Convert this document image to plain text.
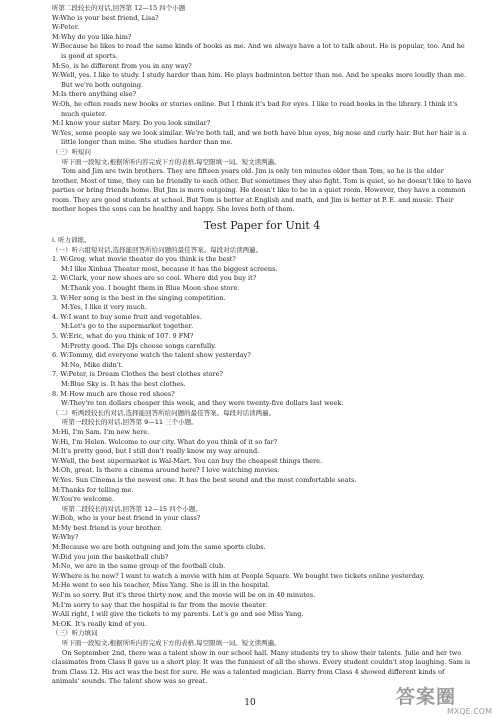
听第二段较长的对话,回答第 12—15 四个小题

W:Who is your best friend, Lisa?

W:Peter.

M:Why do you like him?

W:Because he likes to read the same kinds of books as me. And we always have a lot to talk about. He is popular, too. And he is good at sports.

M:So, is he different from you in any way?

W:Well, yes. I like to study. I study harder than him. He plays badminton better than me. And he speaks more loudly than me. But we're both outgoing.

M:Is there anything else?

W:Oh, he often reads new books or stories online. But I think it's bad for eyes. I like to read books in the library. I think it's much quieter.

M:I know your sister Mary. Do you look similar?

W:Yes, some people say we look similar. We're both tall, and we both have blue eyes, big nose and curly hair. But her hair is a little longer than mine. She studies harder than me.

（三）听短问

听下面一段短文,根据所听内容完成下方的表格,每空限填一词。短文读两遍。

Tom and Jim are twin brothers. They are fifteen years old. Jim is only ten minutes older than Tom, so he is the elder brother. Most of time, they can be friendly to each other. But sometimes they also fight. Tom is quiet, so he doesn't like to have parties or bring friends home. But Jim is more outgoing. He doesn't like to be in a quiet room. However, they have a common room. They are good students at school. But Tom is better at English and math, and Jim is better at P. E. and music. Their mother hopes the sons can be healthy and happy. She loves both of them.

Test Paper for Unit 4

Ⅰ. 听力训练。

（一）听六组短对话,选择能回答所给问题的最佳答案。每段对话读两遍。

1. W:Greg, what movie theater do you think is the best?

M:I like Xinhua Theater most, because it has the biggest screens.

2. W:Clark, your new shoes are so cool. Where did you buy it?

M:Thank you. I bought them in Blue Moon shoe store.

3. W:Her song is the best in the singing competition.

M:Yes, I like it very much.

4. W:I want to buy some fruit and vegetables.

M:Let's go to the supermarket together.

5. W:Eric, what do you think of 107. 9 FM?

M:Pretty good. The DJs choose songs carefully.

6. W:Tommy, did everyone watch the talent show yesterday?

M:No, Mike didn't.

7. W:Peter, is Dream Clothes the best clothes store?

M:Blue Sky is. It has the best clothes.

8. M:How much are those red shoes?

W:They're ten dollars cheaper this week, and they were twenty-five dollars last week.

（二）听两段较长的对话,选择能回答所给问题的最佳答案。每段对话读两遍。

听第一段较长的对话,回答第 9—11 三个小题。

M:Hi, I'm Sam. I'm new here.

W:Hi, I'm Helen. Welcome to our city. What do you think of it so far?

M:It's pretty good, but I still don't really know my way around.

W:Well, the best supermarket is Wal-Mart. You can buy the cheapest things there.

M:Oh, great. Is there a cinema around here? I love watching movies.

W:Yes. Sun Cinema is the newest one. It has the best sound and the most comfortable seats.

M:Thanks for telling me.

W:You're welcome.

听第二段较长的对话,回答第 12—15 四个小题。

W:Bob, who is your best friend in your class?

M:My best friend is your brother.

W:Why?

M:Because we are both outgoing and join the same sports clubs.

W:Did you join the basketball club?

M:No, we are in the same group of the football club.

W:Where is he now? I want to watch a movie with him at People Square. We bought two tickets online yesterday.

M:He went to see his teacher, Miss Yang. She is ill in the hospital.

W:I'm so sorry. But it's three thirty now, and the movie will be on in 40 minutes.

M:I'm sorry to say that the hospital is far from the movie theater.

W:All right, I will give the tickets to my parents. Let's go and see Miss Yang.

M:OK. It's really kind of you.

（三）听力填词

听下面一段短文,根据所听内容完成下方的表格,每空限填一词。短文读两遍。

On September 2nd, there was a talent show in our school hall. Many students try to show their talents. Julie and her two classmates from Class 8 gave us a short play. It was the funniest of all the shows. Every student couldn't stop laughing. Sam is from Class 12. His act was the best for sure. He was a talented magician. Barry from Class 4 showed different kinds of animals' sounds. The talent show was so great.

10	答案圈
MXQE.COM
